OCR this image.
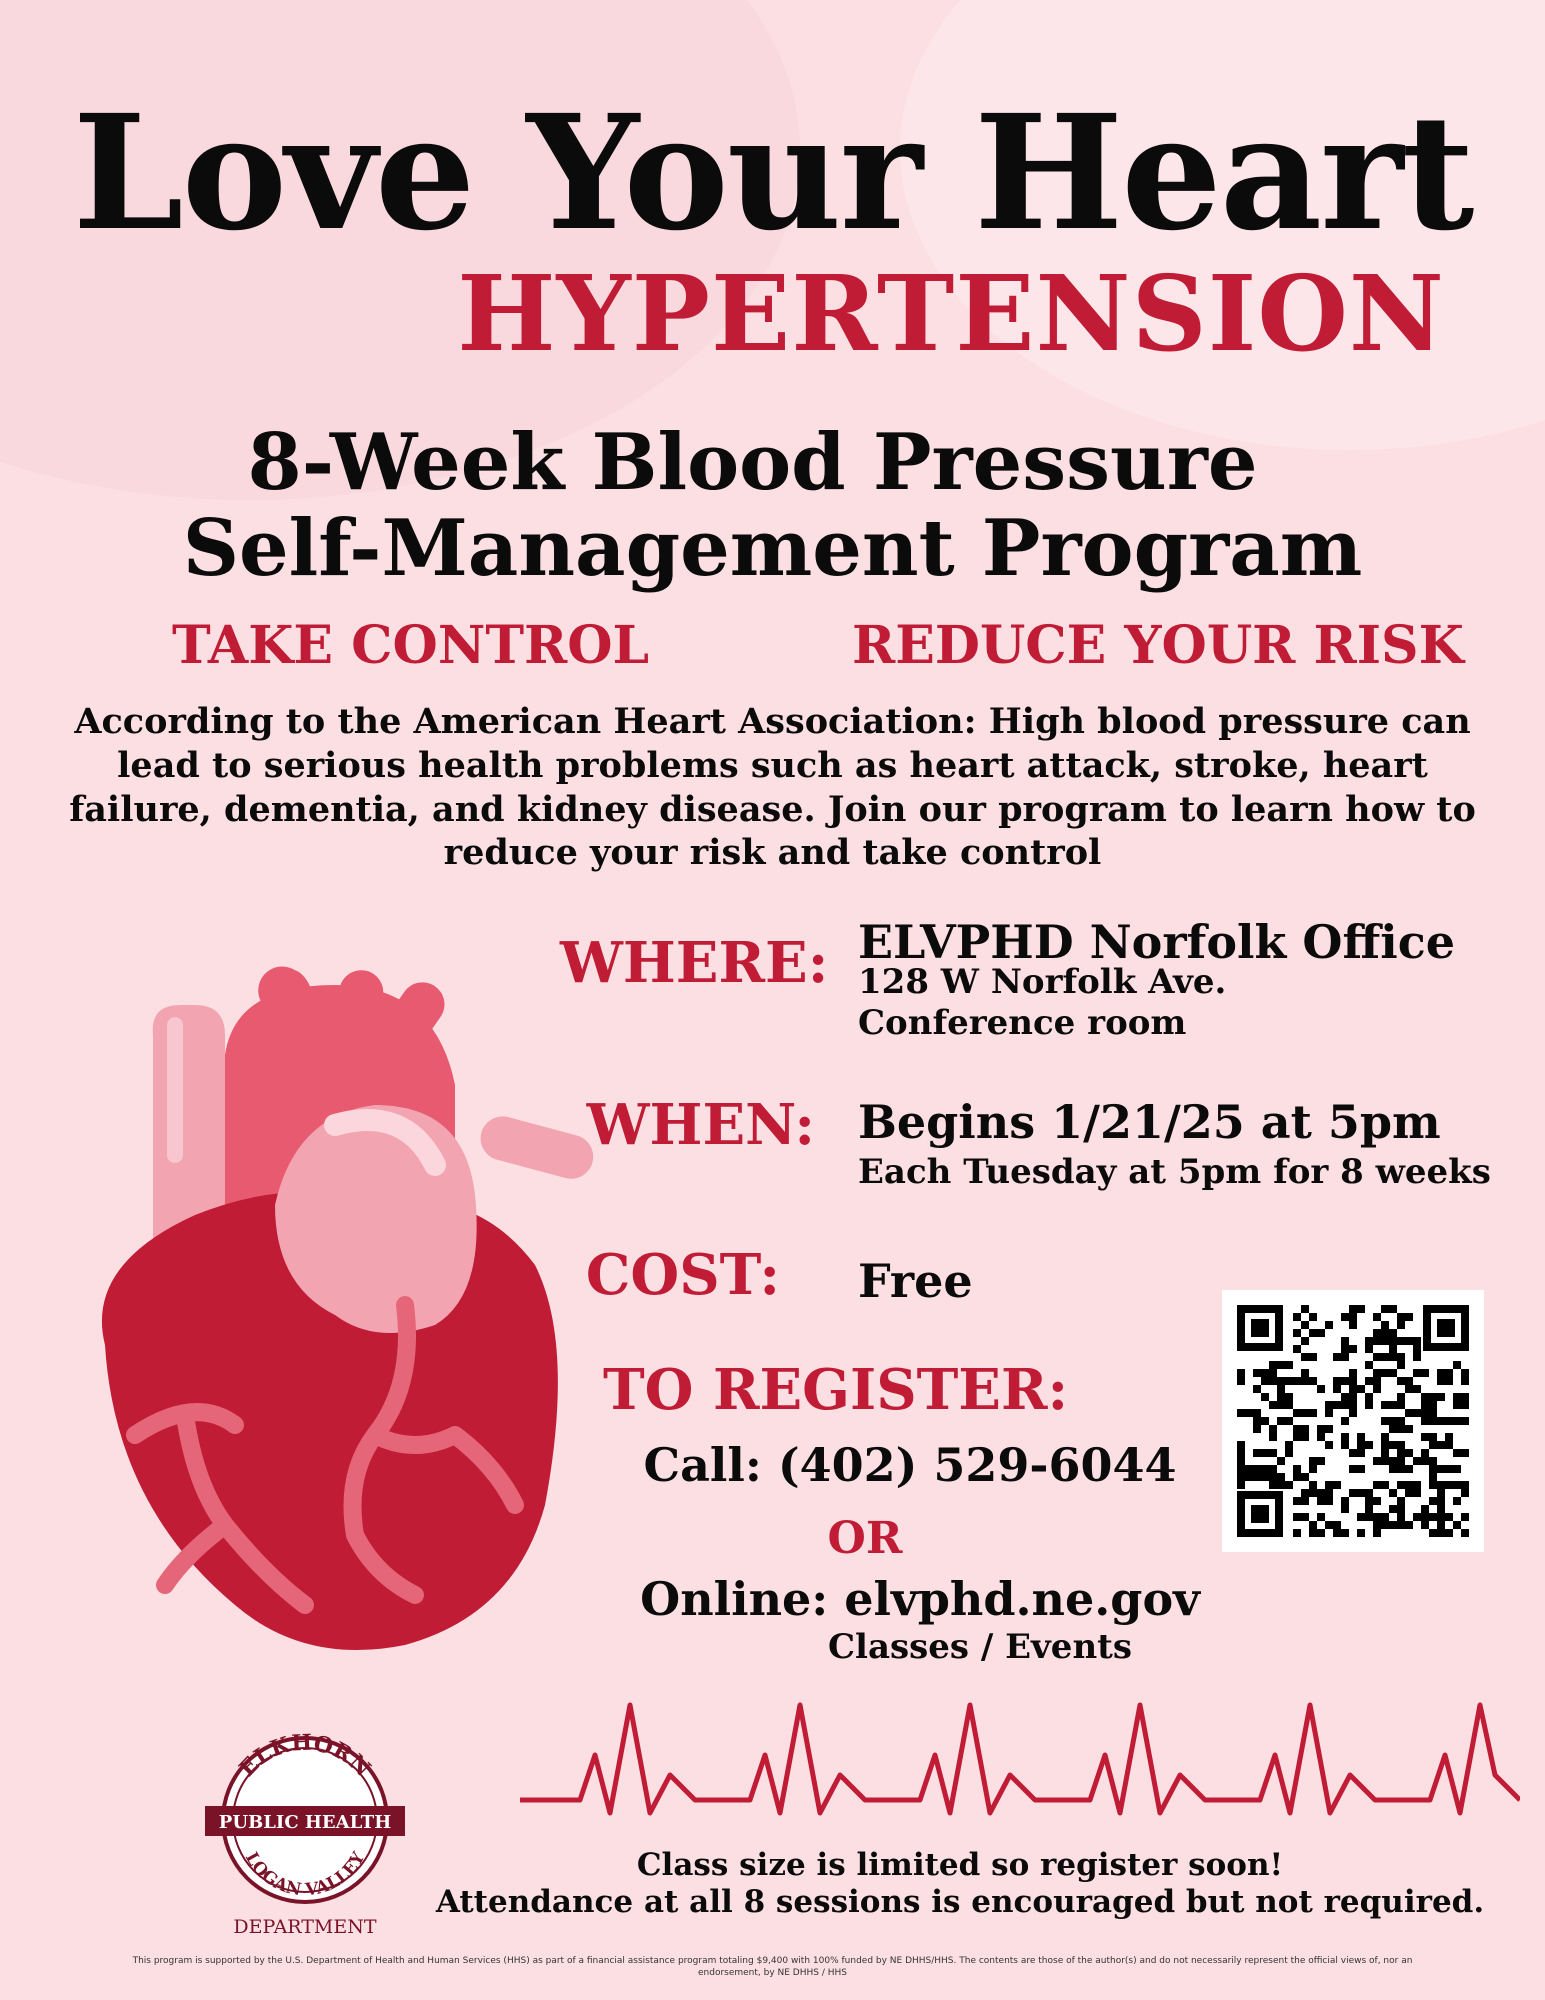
Love Your Heart
HYPERTENSION
8-Week Blood Pressure
Self-Management Program
TAKE CONTROL	REDUCE YOUR RISK
According to the American Heart Association: High blood pressure can lead to serious health problems such as heart attack, stroke, heart failure, dementia, and kidney disease. Join our program to learn how to reduce your risk and take control
WHERE: ELVPHD Norfolk Office
128 W Norfolk Ave.
Conference room
WHEN: Begins 1/21/25 at 5pm
Each Tuesday at 5pm for 8 weeks
COST: Free
TO REGISTER:
Call: (402) 529-6044
OR
Online: elvphd.ne.gov
Classes / Events
ELKHORN
PUBLIC HEALTH
LOGAN VALLEY
DEPARTMENT
Class size is limited so register soon!
Attendance at all 8 sessions is encouraged but not required.
This program is supported by the U.S. Department of Health and Human Services (HHS) as part of a financial assistance program totaling $9,400 with 100% funded by NE DHHS/HHS. The contents are those of the author(s) and do not necessarily represent the official views of, nor an endorsement, by NE DHHS / HHS
